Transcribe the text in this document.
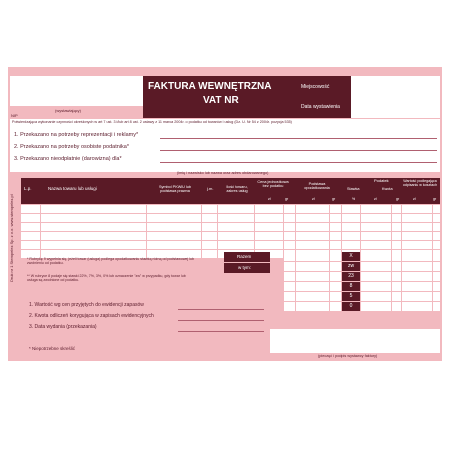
(wystawiający)
NIP
FAKTURA WEWNĘTRZNA
VAT NR
Miejscowość
Data wystawienia
Potwierdzająca wykonanie czynności określonych w art 7 ust. 3 i/lub art 8 ust. 2 ustawy z 11 marca 2004r. o podatku od towarów i usług (Dz. U. Nr 54 z 2004r. pozycja 535)
1. Przekazano na potrzeby reprezentacji i reklamy*
2. Przekazano na potrzeby osobiste podatnika*
3. Przekazano nieodpłatnie (darowizna) dla*
(imię i nazwisko lub nazwa oraz adres obdarowanego)
L.p.	Nazwa towaru lub usługi	Symbol PKWiU lub podstawa prawna	j.m.	Ilość towaru, zakres usług
Cena jednostkowa bez podatku	Podstawa opodatkowania
Podatek
Stawka	Kwota
Wartość podlegająca odpisaniu w kosztach
zł	gr	zł	gr	%	zł	gr	zł	gr
Razem
w tym:
X
zw
23
8
5
0
* Rubrykę 9 wypełnia się, jeżeli towar (usługa) podlega opodatkowaniu stawką różną od podstawowej lub zwolnieniu od podatku.
** W rubryce 8 podaje się stawki 22%, 7%, 3%, 0% lub oznaczenie "zw" w przypadku, gdy towar lub usługa są zwolnione od podatku.
1. Wartość wg cen przyjętych do ewidencji zapasów
2. Kwota odliczeń korygująca w zapisach ewidencyjnych
3. Data wydania (przekazania)
* Niepotrzebne skreślić
(pieczęć i podpis wystawcy faktury)
Druk nr 1 Stempelex Sp. z o.o. www.stempelex.pl
